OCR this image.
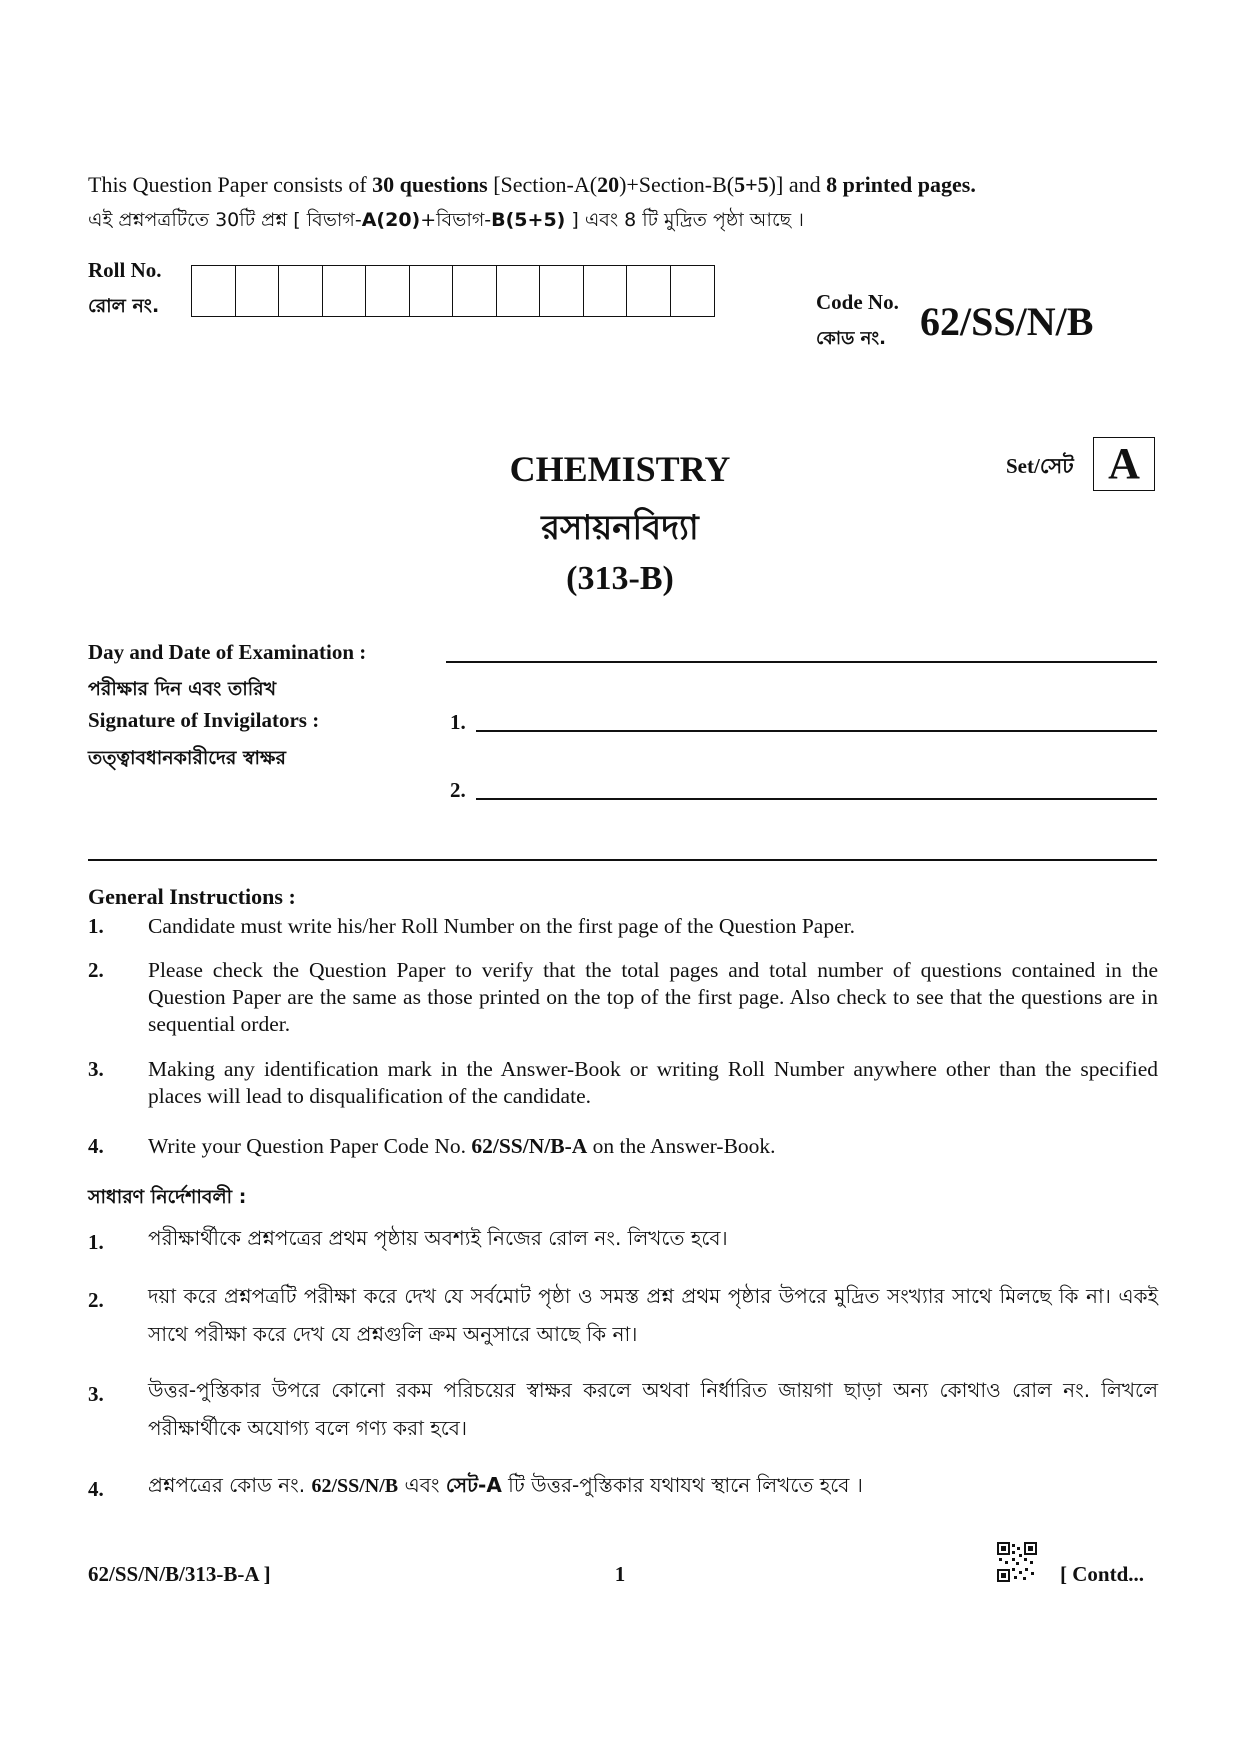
This Question Paper consists of 30 questions [Section-A(20)+Section-B(5+5)] and 8 printed pages.
এই প্রশ্নপত্রটিতে 30টি প্রশ্ন [ বিভাগ-A(20)+বিভাগ-B(5+5) ] এবং 8 টি মুদ্রিত পৃষ্ঠা আছে ।
Roll No.
রোল নং.	Code No.
কোড নং. 62/SS/N/B
Set/সেট A
CHEMISTRY
রসায়নবিদ্যা
(313-B)
Day and Date of Examination :
পরীক্ষার দিন এবং তারিখ
Signature of Invigilators :
তত্ত্বাবধানকারীদের স্বাক্ষর
1.
2.
General Instructions :
1. Candidate must write his/her Roll Number on the first page of the Question Paper.
2. Please check the Question Paper to verify that the total pages and total number of questions contained in the Question Paper are the same as those printed on the top of the first page. Also check to see that the questions are in sequential order.
3. Making any identification mark in the Answer-Book or writing Roll Number anywhere other than the specified places will lead to disqualification of the candidate.
4. Write your Question Paper Code No. 62/SS/N/B-A on the Answer-Book.
সাধারণ নির্দেশাবলী :
1. পরীক্ষার্থীকে প্রশ্নপত্রের প্রথম পৃষ্ঠায় অবশ্যই নিজের রোল নং. লিখতে হবে।
2. দয়া করে প্রশ্নপত্রটি পরীক্ষা করে দেখ যে সর্বমোট পৃষ্ঠা ও সমস্ত প্রশ্ন প্রথম পৃষ্ঠার উপরে মুদ্রিত সংখ্যার সাথে মিলছে কি না। একই সাথে পরীক্ষা করে দেখ যে প্রশ্নগুলি ক্রম অনুসারে আছে কি না।
3. উত্তর-পুস্তিকার উপরে কোনো রকম পরিচয়ের স্বাক্ষর করলে অথবা নির্ধারিত জায়গা ছাড়া অন্য কোথাও রোল নং. লিখলে পরীক্ষার্থীকে অযোগ্য বলে গণ্য করা হবে।
4. প্রশ্নপত্রের কোড নং. 62/SS/N/B এবং সেট-A টি উত্তর-পুস্তিকার যথাযথ স্থানে লিখতে হবে ।
62/SS/N/B/313-B-A ]	1	[ Contd...
